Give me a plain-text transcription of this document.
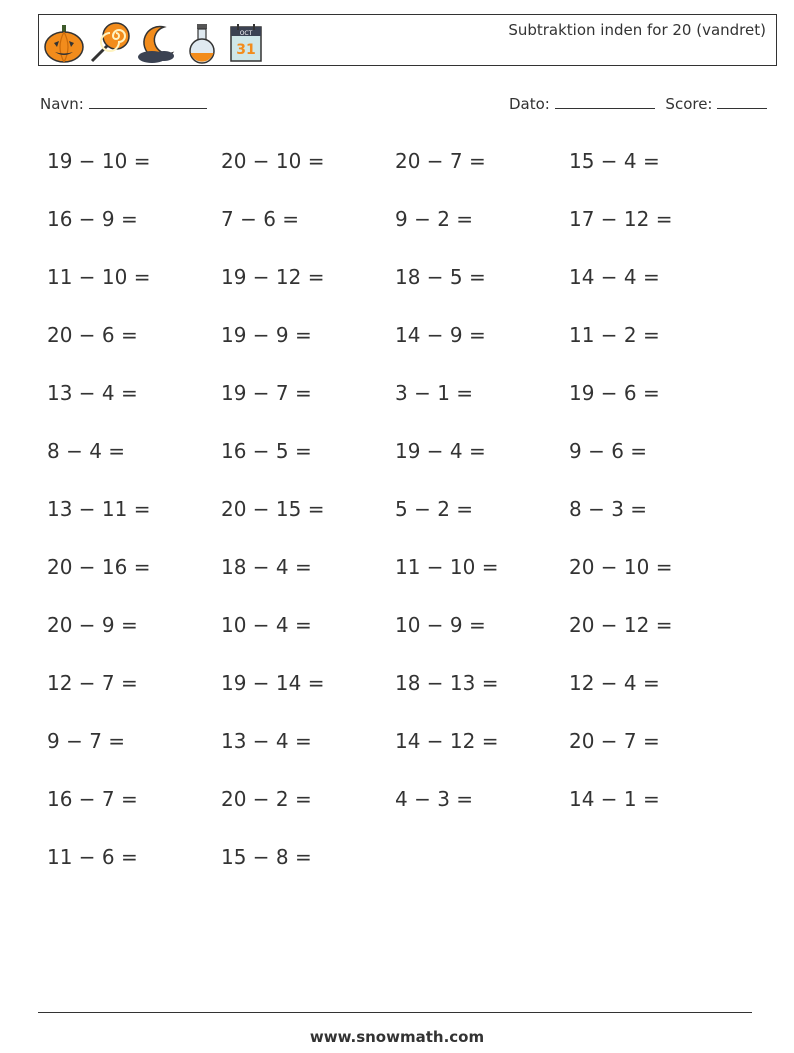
OCT
31
Subtraktion inden for 20 (vandret)
Navn:	Dato:	Score:
19 − 10 =	20 − 10 =	20 − 7 =	15 − 4 =
16 − 9 =	7 − 6 =	9 − 2 =	17 − 12 =
11 − 10 =	19 − 12 =	18 − 5 =	14 − 4 =
20 − 6 =	19 − 9 =	14 − 9 =	11 − 2 =
13 − 4 =	19 − 7 =	3 − 1 =	19 − 6 =
8 − 4 =	16 − 5 =	19 − 4 =	9 − 6 =
13 − 11 =	20 − 15 =	5 − 2 =	8 − 3 =
20 − 16 =	18 − 4 =	11 − 10 =	20 − 10 =
20 − 9 =	10 − 4 =	10 − 9 =	20 − 12 =
12 − 7 =	19 − 14 =	18 − 13 =	12 − 4 =
9 − 7 =	13 − 4 =	14 − 12 =	20 − 7 =
16 − 7 =	20 − 2 =	4 − 3 =	14 − 1 =
11 − 6 =	15 − 8 =
www.snowmath.com
